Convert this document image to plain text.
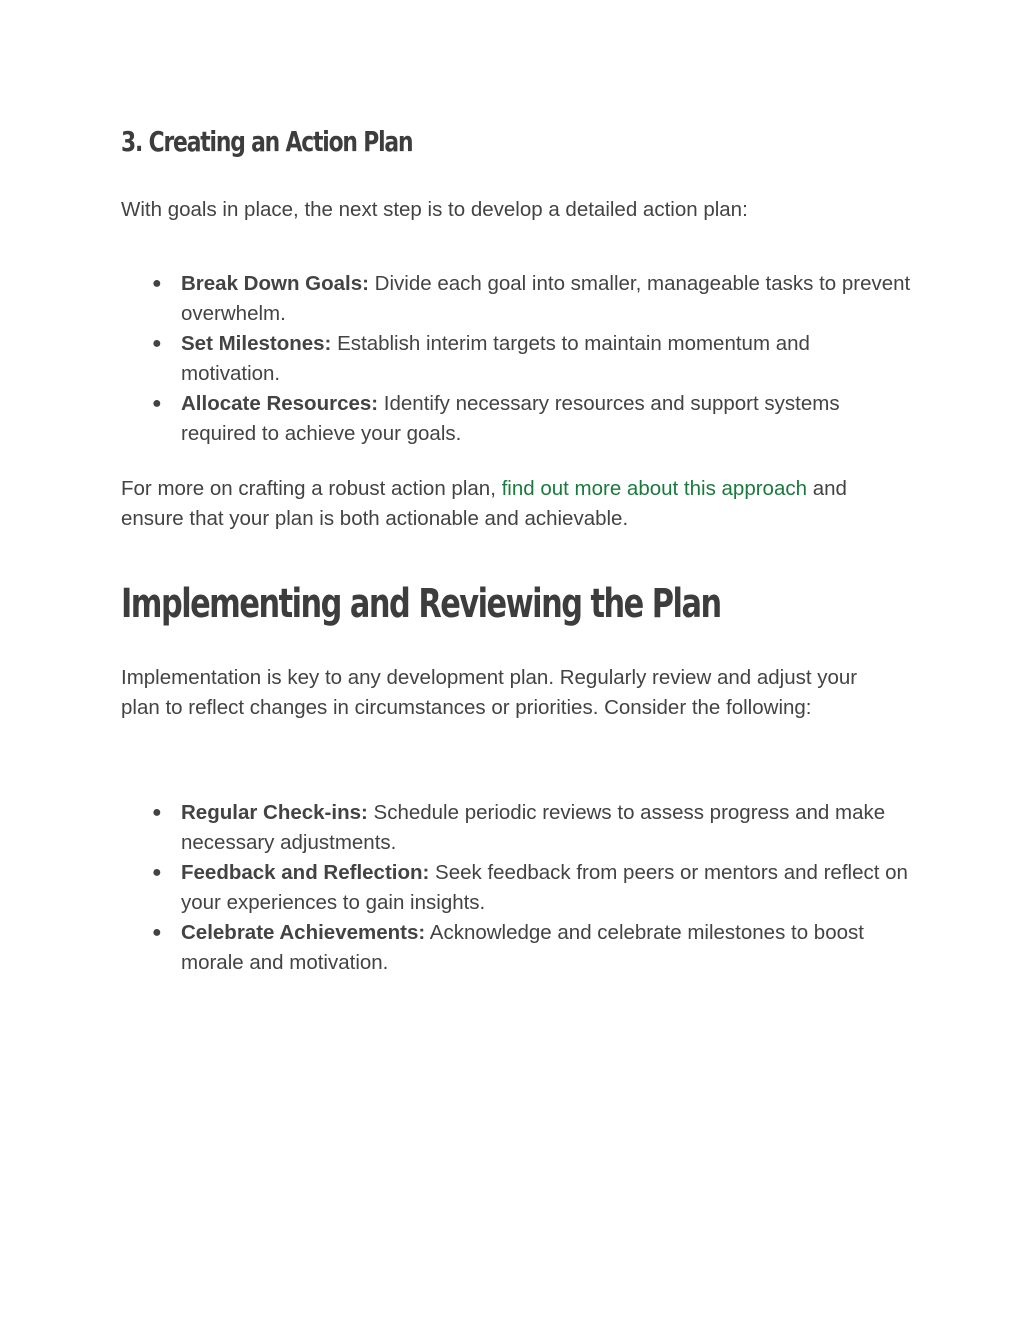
3. Creating an Action Plan

With goals in place, the next step is to develop a detailed action plan:

● Break Down Goals: Divide each goal into smaller, manageable tasks to prevent overwhelm.
● Set Milestones: Establish interim targets to maintain momentum and motivation.
● Allocate Resources: Identify necessary resources and support systems required to achieve your goals.

For more on crafting a robust action plan, find out more about this approach and ensure that your plan is both actionable and achievable.

Implementing and Reviewing the Plan

Implementation is key to any development plan. Regularly review and adjust your plan to reflect changes in circumstances or priorities. Consider the following:

● Regular Check-ins: Schedule periodic reviews to assess progress and make necessary adjustments.
● Feedback and Reflection: Seek feedback from peers or mentors and reflect on your experiences to gain insights.
● Celebrate Achievements: Acknowledge and celebrate milestones to boost morale and motivation.
